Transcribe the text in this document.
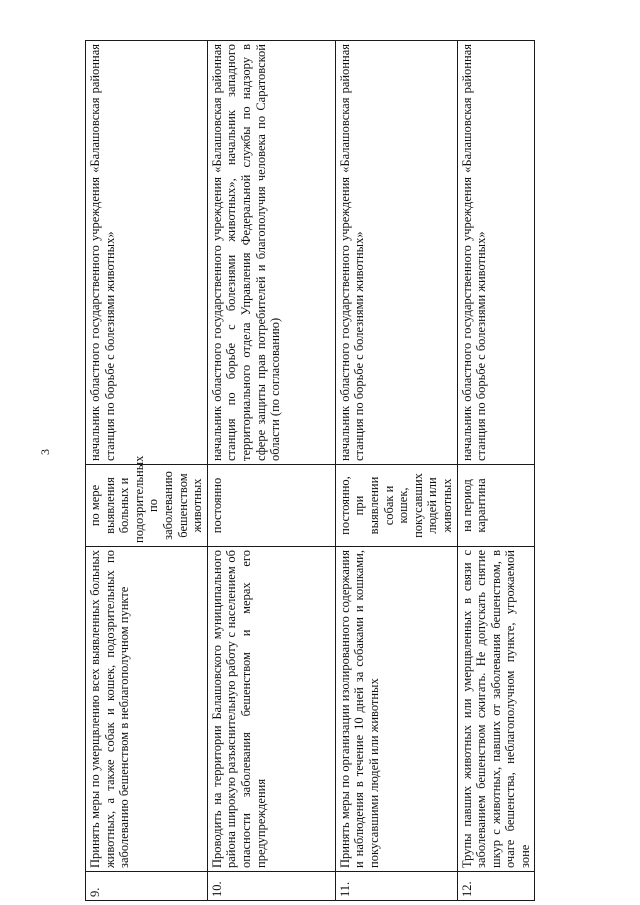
3
9.	Принять меры по умерщвлению всех выявленных больных животных, а также собак и кошек, подозрительных по заболеванию бешенством в неблагополучном пункте	по мере выявления больных и подозрительных по заболеванию бешенством животных	начальник областного государственного учреждения «Балашовская районная станция по борьбе с болезнями животных»
10.	Проводить на территории Балашовского муниципального района широкую разъяснительную работу с населением об опасности заболевания бешенством и мерах его предупреждения	постоянно	начальник областного государственного учреждения «Балашовская районная станция по борьбе с болезнями животных», начальник западного территориального отдела Управления Федеральной службы по надзору в сфере защиты прав потребителей и благополучия человека по Саратовской области (по согласованию)
11.	Принять меры по организации изолированного содержания и наблюдения в течение 10 дней за собаками и кошками, покусавшими людей или животных	постоянно, при выявлении собак и кошек, покусавших людей или животных	начальник областного государственного учреждения «Балашовская районная станция по борьбе с болезнями животных»
12.	Трупы павших животных или умерщвленных в связи с заболеванием бешенством сжигать. Не допускать снятие шкур с животных, павших от заболевания бешенством, в очаге бешенства, неблагополучном пункте, угрожаемой зоне	на период карантина	начальник областного государственного учреждения «Балашовская районная станция по борьбе с болезнями животных»
